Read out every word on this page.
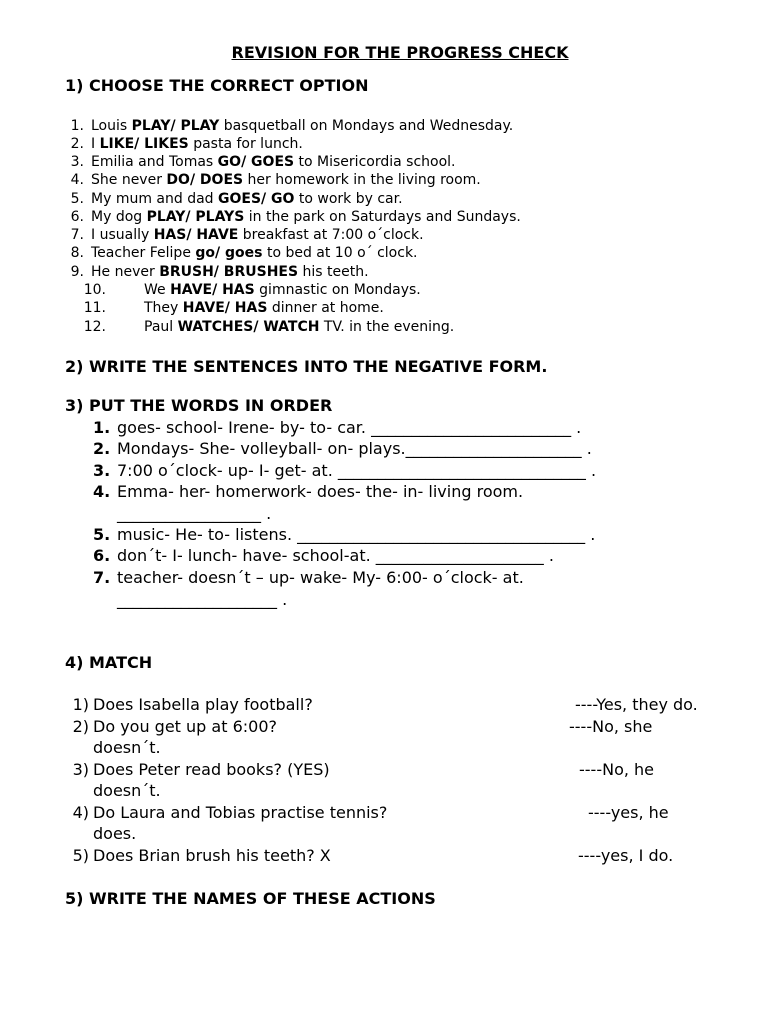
REVISION FOR THE PROGRESS CHECK
1) CHOOSE THE CORRECT OPTION
1. Louis PLAY/ PLAY basquetball on Mondays and Wednesday.
2. I LIKE/ LIKES pasta for lunch.
3. Emilia and Tomas GO/ GOES to Misericordia school.
4. She never DO/ DOES her homework in the living room.
5. My mum and dad GOES/ GO to work by car.
6. My dog PLAY/ PLAYS in the park on Saturdays and Sundays.
7. I usually HAS/ HAVE breakfast at 7:00 o´clock.
8. Teacher Felipe go/ goes to bed at 10 o´ clock.
9. He never BRUSH/ BRUSHES his teeth.
10.	We HAVE/ HAS gimnastic on Mondays.
11.	They HAVE/ HAS dinner at home.
12.	Paul WATCHES/ WATCH TV. in the evening.
2) WRITE THE SENTENCES INTO THE NEGATIVE FORM.
3) PUT THE WORDS IN ORDER
1. goes- school- Irene- by- to- car. _________________________ .
2. Mondays- She- volleyball- on- plays.______________________ .
3. 7:00 o´clock- up- I- get- at. _______________________________ .
4. Emma- her- homerwork- does- the- in- living room.
__________________ .
5. music- He- to- listens. ____________________________________ .
6. don´t- I- lunch- have- school-at. _____________________ .
7. teacher- doesn´t – up- wake- My- 6:00- o´clock- at.
____________________ .
4) MATCH
1) Does Isabella play football?	----Yes, they do.
2) Do you get up at 6:00?	----No, she
doesn´t.
3) Does Peter read books? (YES)	----No, he
doesn´t.
4) Do Laura and Tobias practise tennis?	----yes, he
does.
5) Does Brian brush his teeth? X	----yes, I do.
5) WRITE THE NAMES OF THESE ACTIONS
